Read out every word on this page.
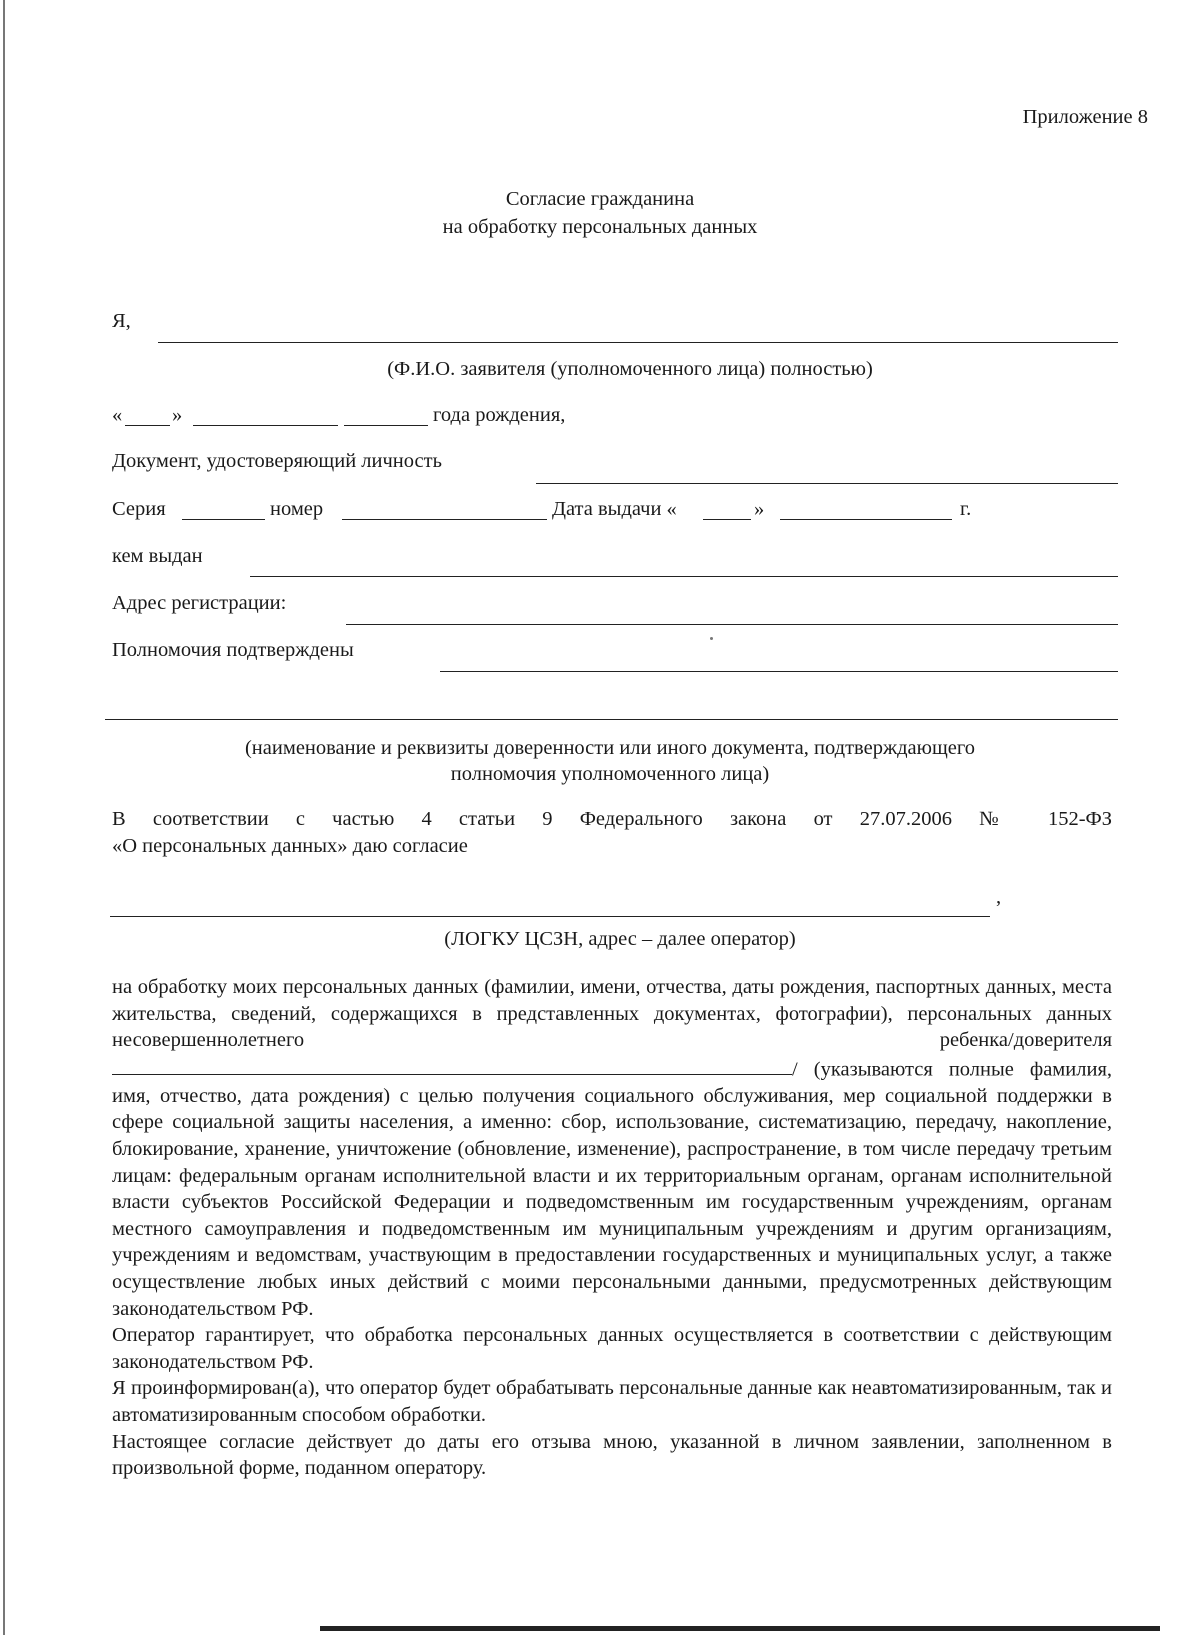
Приложение 8
Согласие гражданина
на обработку персональных данных
Я,
(Ф.И.О. заявителя (уполномоченного лица) полностью)
« »	года рождения,
Документ, удостоверяющий личность
Серия	номер	Дата выдачи «	»	г.
кем выдан
Адрес регистрации:
Полномочия подтверждены
(наименование и реквизиты доверенности или иного документа, подтверждающего
полномочия уполномоченного лица)
В соответствии с частью 4 статьи 9 Федерального закона от 27.07.2006 № 152-ФЗ
«О персональных данных» даю согласие
,
(ЛОГКУ ЦСЗН, адрес – далее оператор)

на обработку моих персональных данных (фамилии, имени, отчества, даты рождения, паспортных данных, места жительства, сведений, содержащихся в представленных документах, фотографии), персональных данных несовершеннолетнего ребенка/доверителя / (указываются полные фамилия, имя, отчество, дата рождения) с целью получения социального обслуживания, мер социальной поддержки в сфере социальной защиты населения, а именно: сбор, использование, систематизацию, передачу, накопление, блокирование, хранение, уничтожение (обновление, изменение), распространение, в том числе передачу третьим лицам: федеральным органам исполнительной власти и их территориальным органам, органам исполнительной власти субъектов Российской Федерации и подведомственным им государственным учреждениям, органам местного самоуправления и подведомственным им муниципальным учреждениям и другим организациям, учреждениям и ведомствам, участвующим в предоставлении государственных и муниципальных услуг, а также осуществление любых иных действий с моими персональными данными, предусмотренных действующим законодательством РФ.

Оператор гарантирует, что обработка персональных данных осуществляется в соответствии с действующим законодательством РФ.

Я проинформирован(а), что оператор будет обрабатывать персональные данные как неавтоматизированным, так и автоматизированным способом обработки.

Настоящее согласие действует до даты его отзыва мною, указанной в личном заявлении, заполненном в произвольной форме, поданном оператору.
